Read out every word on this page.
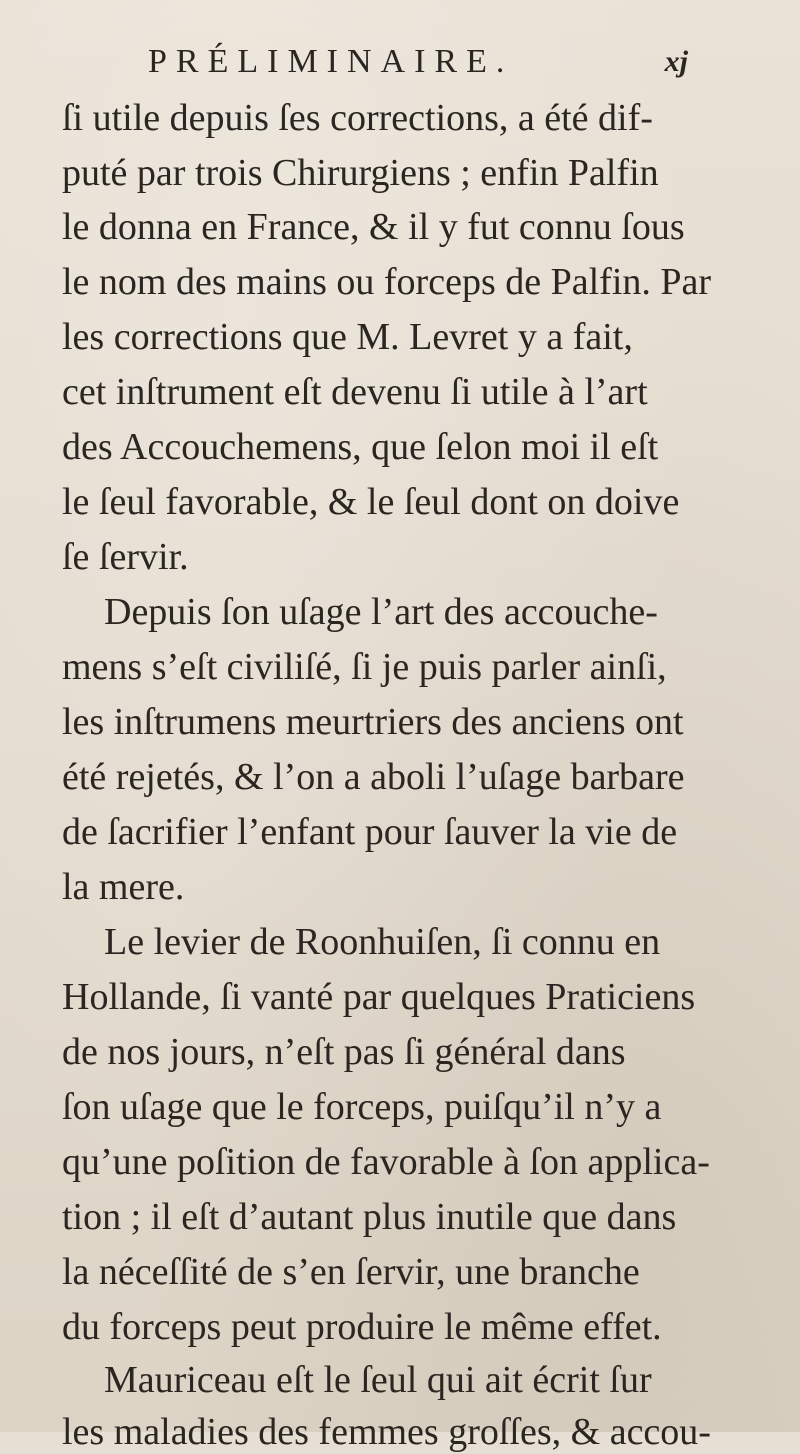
PRÉLIMINAIRE.	xj
ſi utile depuis ſes corrections, a été dif-
puté par trois Chirurgiens ; enfin Palfin
le donna en France, & il y fut connu ſous
le nom des mains ou forceps de Palfin. Par
les corrections que M. Levret y a fait,
cet inſtrument eſt devenu ſi utile à l’art
des Accouchemens, que ſelon moi il eſt
le ſeul favorable, & le ſeul dont on doive
ſe ſervir.
Depuis ſon uſage l’art des accouche-
mens s’eſt civiliſé, ſi je puis parler ainſi,
les inſtrumens meurtriers des anciens ont
été rejetés, & l’on a aboli l’uſage barbare
de ſacrifier l’enfant pour ſauver la vie de
la mere.
Le levier de Roonhuiſen, ſi connu en
Hollande, ſi vanté par quelques Praticiens
de nos jours, n’eſt pas ſi général dans
ſon uſage que le forceps, puiſqu’il n’y a
qu’une poſition de favorable à ſon applica-
tion ; il eſt d’autant plus inutile que dans
la néceſſité de s’en ſervir, une branche
du forceps peut produire le même effet.
Mauriceau eſt le ſeul qui ait écrit ſur
les maladies des femmes groſſes, & accou-
